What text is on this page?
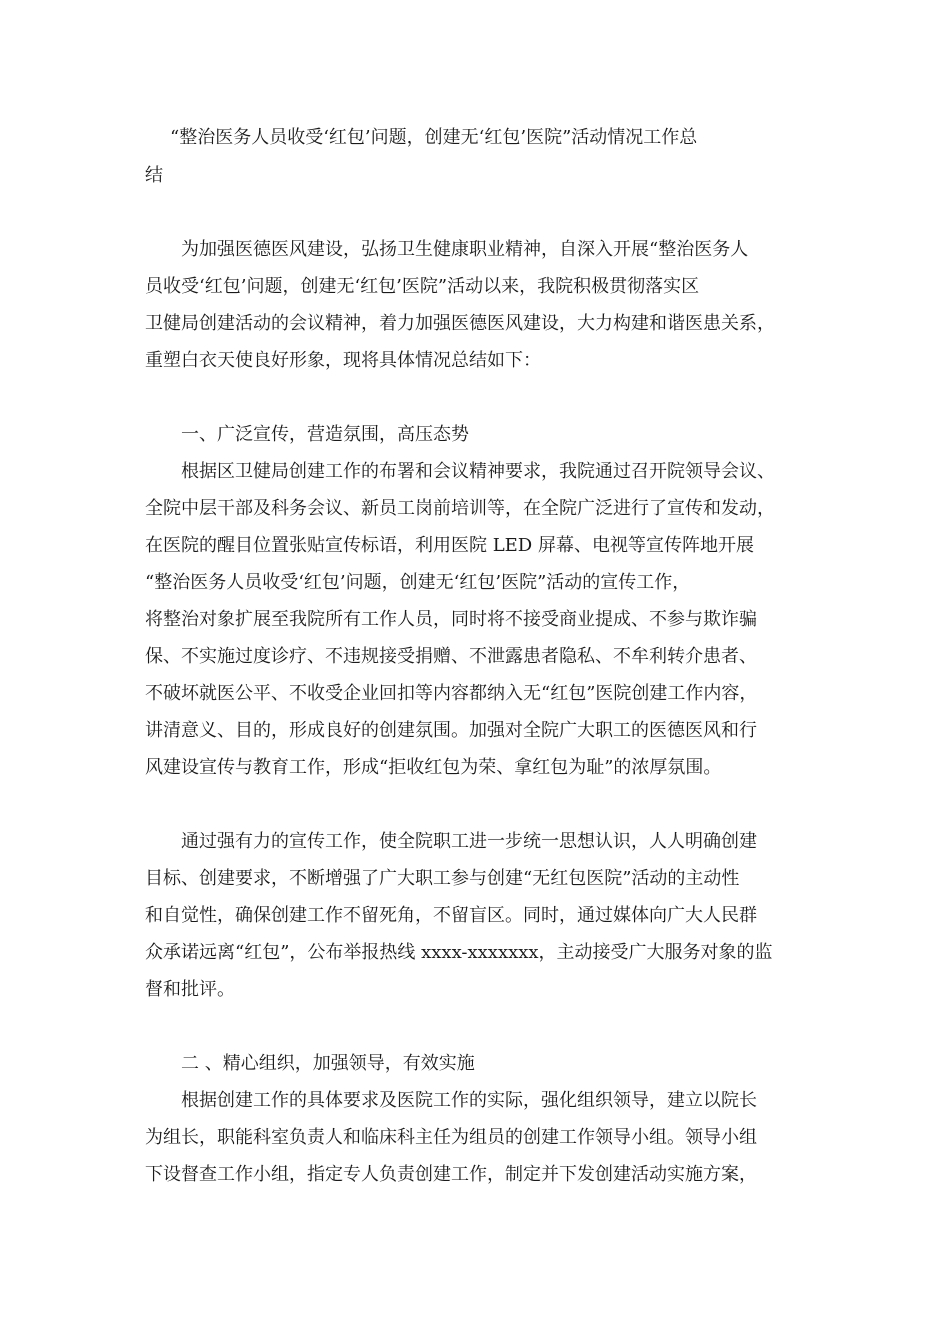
“整治医务人员收受‘红包’问题，创建无‘红包’医院”活动情况工作总
结
为加强医德医风建设，弘扬卫生健康职业精神，自深入开展“整治医务人
员收受‘红包’问题，创建无‘红包’医院”活动以来，我院积极贯彻落实区
卫健局创建活动的会议精神，着力加强医德医风建设，大力构建和谐医患关系，
重塑白衣天使良好形象，现将具体情况总结如下：
一、广泛宣传，营造氛围，高压态势
根据区卫健局创建工作的布署和会议精神要求，我院通过召开院领导会议、
全院中层干部及科务会议、新员工岗前培训等，在全院广泛进行了宣传和发动，
在医院的醒目位置张贴宣传标语，利用医院 LED 屏幕、电视等宣传阵地开展
“整治医务人员收受‘红包’问题，创建无‘红包’医院”活动的宣传工作，
将整治对象扩展至我院所有工作人员，同时将不接受商业提成、不参与欺诈骗
保、不实施过度诊疗、不违规接受捐赠、不泄露患者隐私、不牟利转介患者、
不破坏就医公平、不收受企业回扣等内容都纳入无“红包”医院创建工作内容，
讲清意义、目的，形成良好的创建氛围。加强对全院广大职工的医德医风和行
风建设宣传与教育工作，形成“拒收红包为荣、拿红包为耻”的浓厚氛围。
通过强有力的宣传工作，使全院职工进一步统一思想认识，人人明确创建
目标、创建要求，不断增强了广大职工参与创建“无红包医院”活动的主动性
和自觉性，确保创建工作不留死角，不留盲区。同时，通过媒体向广大人民群
众承诺远离“红包”，公布举报热线 xxxx-xxxxxxx，主动接受广大服务对象的监
督和批评。
二 、精心组织，加强领导，有效实施
根据创建工作的具体要求及医院工作的实际，强化组织领导，建立以院长
为组长，职能科室负责人和临床科主任为组员的创建工作领导小组。领导小组
下设督查工作小组，指定专人负责创建工作，制定并下发创建活动实施方案，
